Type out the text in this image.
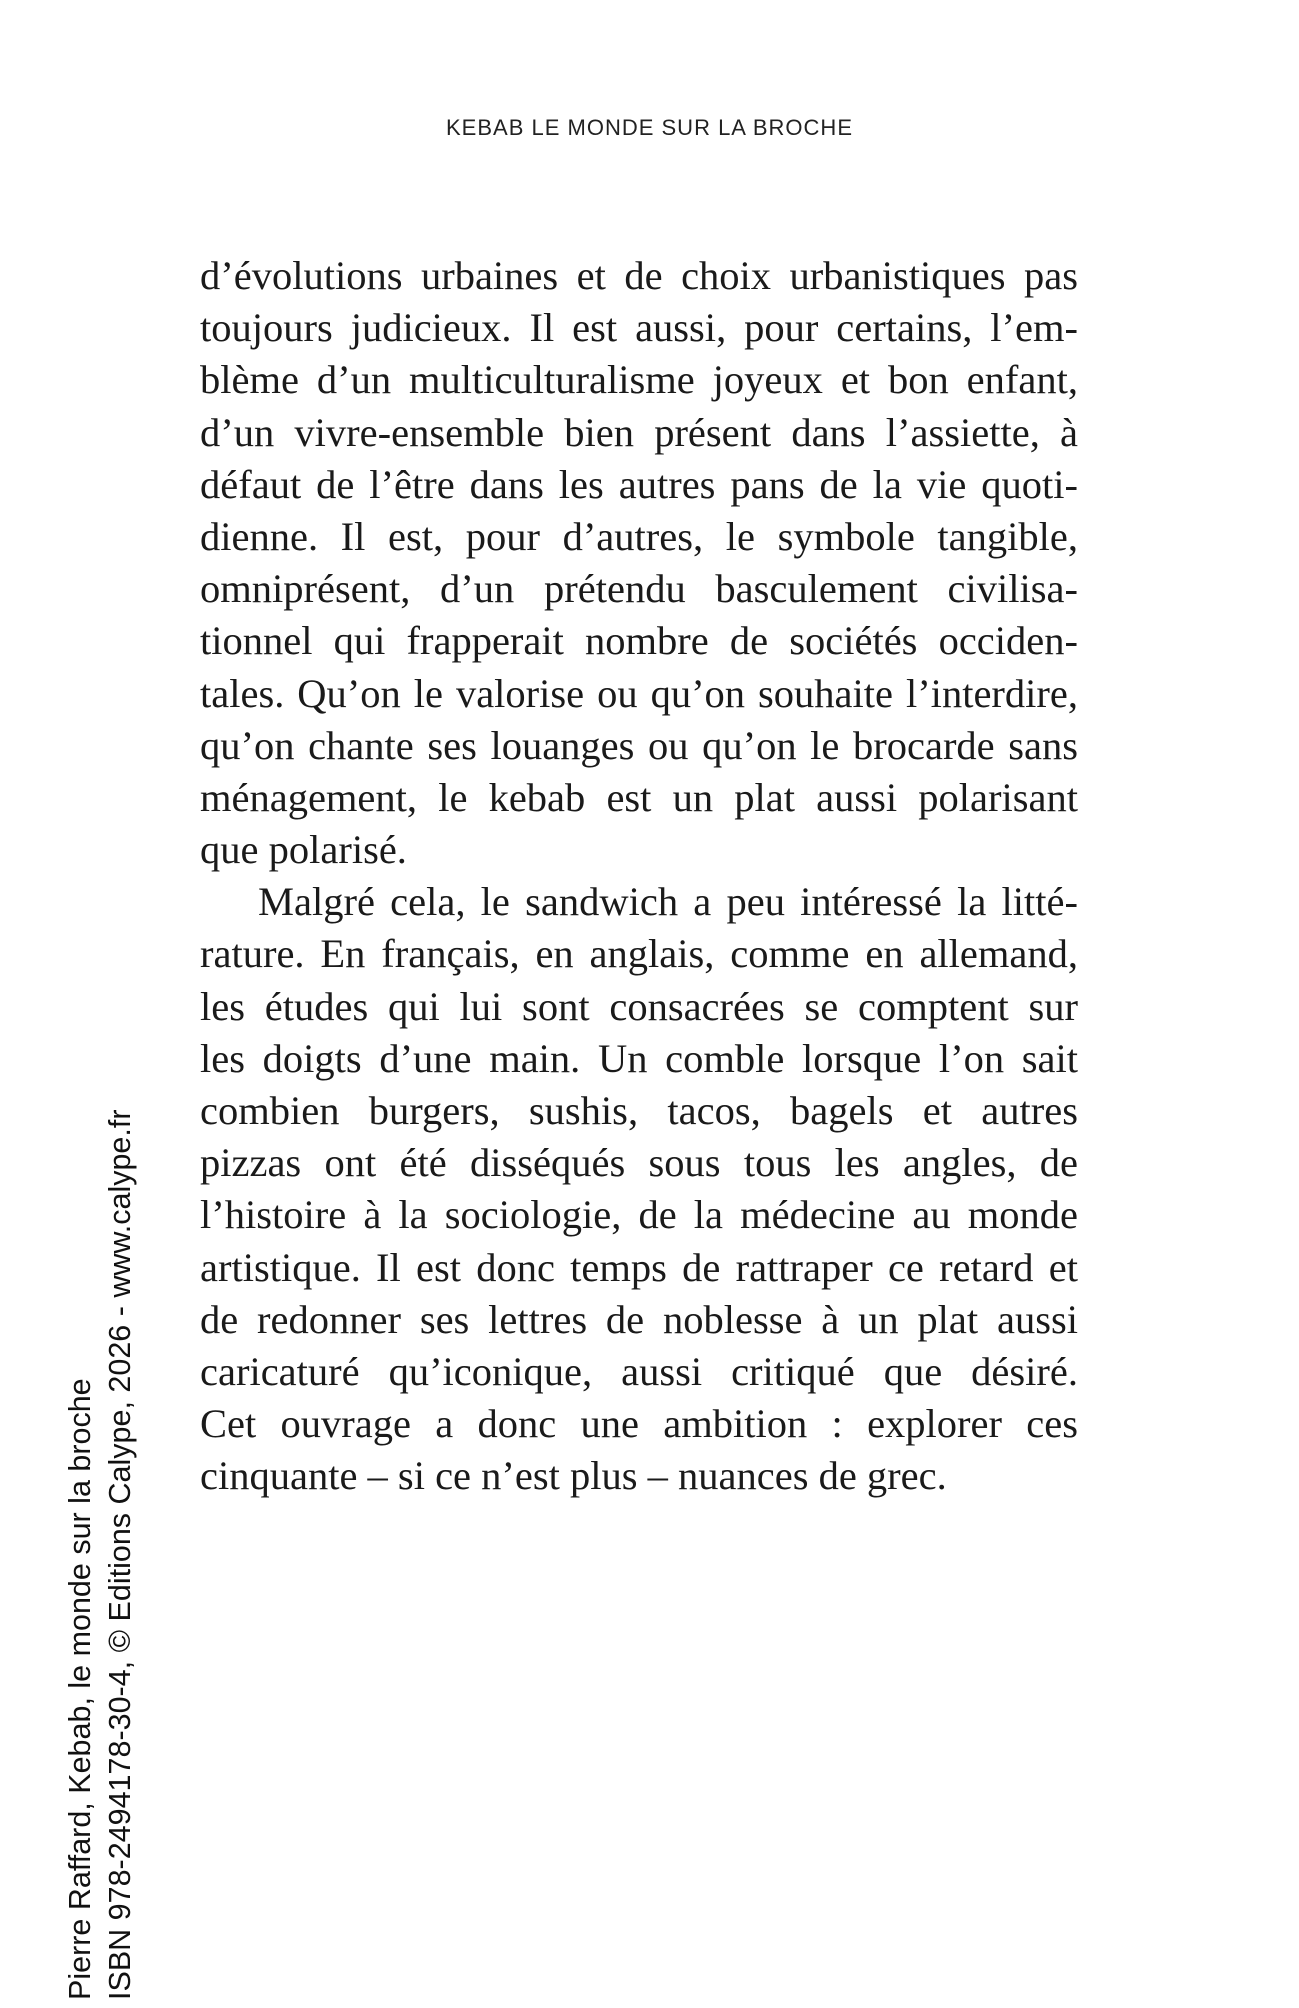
KEBAB LE MONDE SUR LA BROCHE
d’évolutions urbaines et de choix urbanistiques pas
toujours judicieux. Il est aussi, pour certains, l’em-
blème d’un multiculturalisme joyeux et bon enfant,
d’un vivre-ensemble bien présent dans l’assiette, à
défaut de l’être dans les autres pans de la vie quoti-
dienne. Il est, pour d’autres, le symbole tangible,
omniprésent, d’un prétendu basculement civilisa-
tionnel qui frapperait nombre de sociétés occiden-
tales. Qu’on le valorise ou qu’on souhaite l’interdire,
qu’on chante ses louanges ou qu’on le brocarde sans
ménagement, le kebab est un plat aussi polarisant
que polarisé.
Malgré cela, le sandwich a peu intéressé la litté-
rature. En français, en anglais, comme en allemand,
les études qui lui sont consacrées se comptent sur
les doigts d’une main. Un comble lorsque l’on sait
combien burgers, sushis, tacos, bagels et autres
pizzas ont été disséqués sous tous les angles, de
l’histoire à la sociologie, de la médecine au monde
artistique. Il est donc temps de rattraper ce retard et
de redonner ses lettres de noblesse à un plat aussi
caricaturé qu’iconique, aussi critiqué que désiré.
Cet ouvrage a donc une ambition : explorer ces
cinquante – si ce n’est plus – nuances de grec.
Pierre Raffard, Kebab, le monde sur la broche ISBN 978-2494178-30-4, © Editions Calype, 2026 - www.calype.fr
